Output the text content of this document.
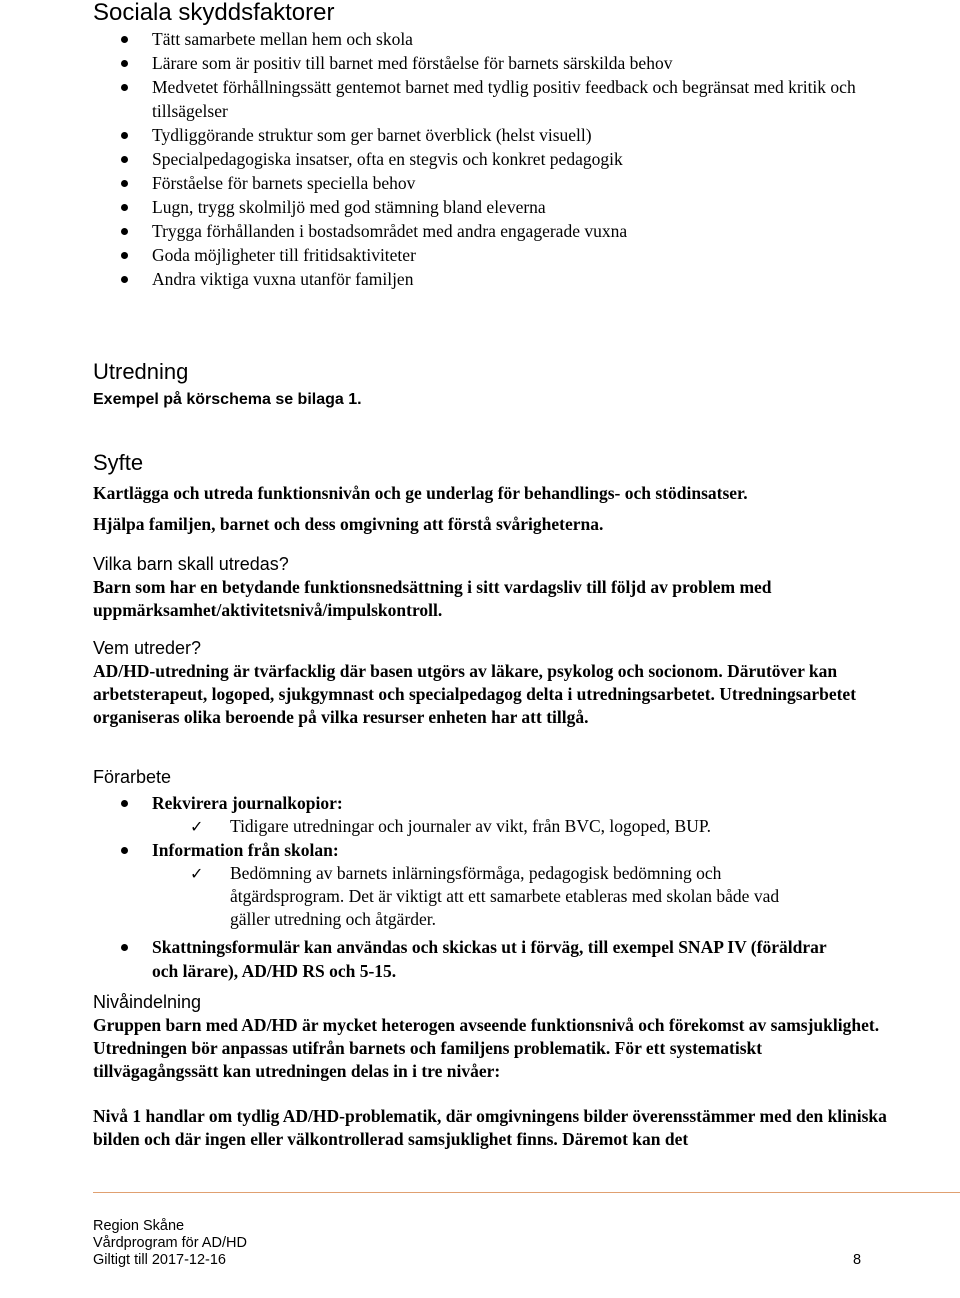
Sociala skyddsfaktorer
Tätt samarbete mellan hem och skola
Lärare som är positiv till barnet med förståelse för barnets särskilda behov
Medvetet förhållningssätt gentemot barnet med tydlig positiv feedback och begränsat med kritik och tillsägelser
Tydliggörande struktur som ger barnet överblick (helst visuell)
Specialpedagogiska insatser, ofta en stegvis och konkret pedagogik
Förståelse för barnets speciella behov
Lugn, trygg skolmiljö med god stämning bland eleverna
Trygga förhållanden i bostadsområdet med andra engagerade vuxna
Goda möjligheter till fritidsaktiviteter
Andra viktiga vuxna utanför familjen
Utredning
Exempel på körschema se bilaga 1.
Syfte
Kartlägga och utreda funktionsnivån och ge underlag för behandlings- och stödinsatser.
Hjälpa familjen, barnet och dess omgivning att förstå svårigheterna.
Vilka barn skall utredas?
Barn som har en betydande funktionsnedsättning i sitt vardagsliv till följd av problem med uppmärksamhet/aktivitetsnivå/impulskontroll.
Vem utreder?
AD/HD-utredning är tvärfacklig där basen utgörs av läkare, psykolog och socionom. Därutöver kan arbetsterapeut, logoped, sjukgymnast och specialpedagog delta i utredningsarbetet. Utredningsarbetet organiseras olika beroende på vilka resurser enheten har att tillgå.
Förarbete
Rekvirera journalkopior:
✓ Tidigare utredningar och journaler av vikt, från BVC, logoped, BUP.
Information från skolan:
✓ Bedömning av barnets inlärningsförmåga, pedagogisk bedömning och åtgärdsprogram. Det är viktigt att ett samarbete etableras med skolan både vad gäller utredning och åtgärder.
Skattningsformulär kan användas och skickas ut i förväg, till exempel SNAP IV (föräldrar och lärare), AD/HD RS och 5-15.
Nivåindelning
Gruppen barn med AD/HD är mycket heterogen avseende funktionsnivå och förekomst av samsjuklighet. Utredningen bör anpassas utifrån barnets och familjens problematik. För ett systematiskt tillvägagångssätt kan utredningen delas in i tre nivåer:
Nivå 1 handlar om tydlig AD/HD-problematik, där omgivningens bilder överensstämmer med den kliniska bilden och där ingen eller välkontrollerad samsjuklighet finns. Däremot kan det
Region Skåne
Vårdprogram för AD/HD
Giltigt till 2017-12-16	8
